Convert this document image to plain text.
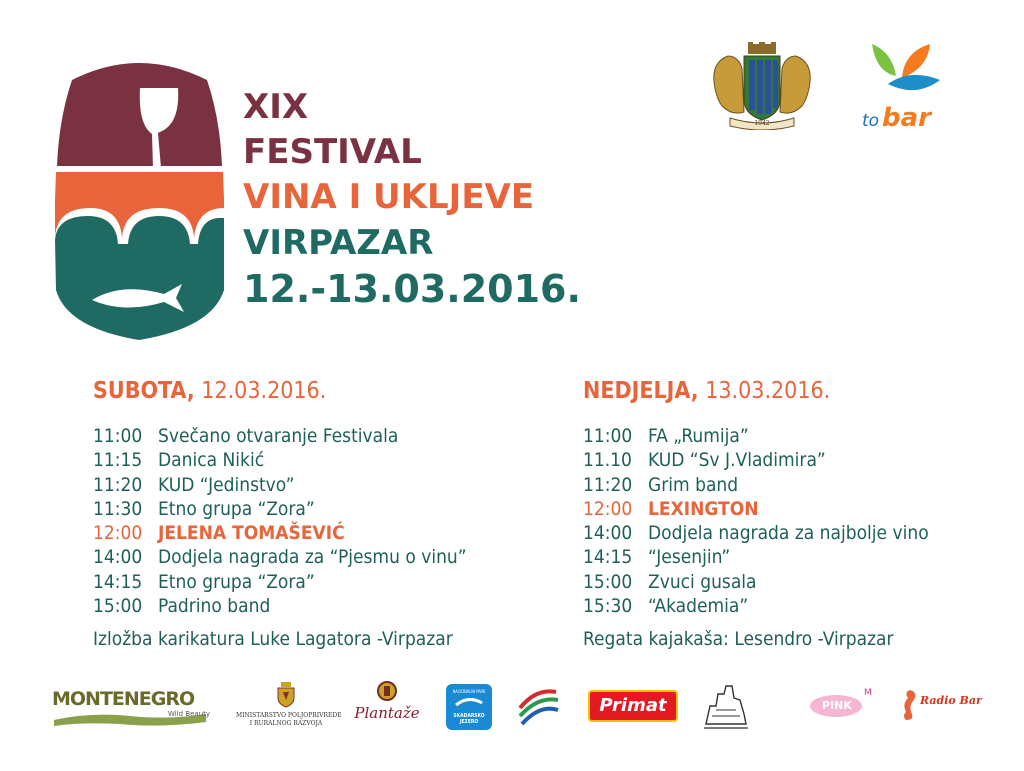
XIX
FESTIVAL
VINA I UKLJEVE
VIRPAZAR
12.-13.03.2016.
1042	to bar
SUBOTA, 12.03.2016.
11:00 Svečano otvaranje Festivala
11:15 Danica Nikić
11:20 KUD “Jedinstvo”
11:30 Etno grupa “Zora”
12:00 JELENA TOMAŠEVIĆ
14:00 Dodjela nagrada za “Pjesmu o vinu”
14:15 Etno grupa “Zora”
15:00 Padrino band
Izložba karikatura Luke Lagatora -Virpazar
NEDJELJA, 13.03.2016.
11:00 FA „Rumija”
11.10 KUD “Sv J.Vladimira”
11:20 Grim band
12:00 LEXINGTON
14:00 Dodjela nagrada za najbolje vino
14:15 “Jesenjin”
15:00 Zvuci gusala
15:30 “Akademia”
Regata kajakaša: Lesendro -Virpazar
MONTENEGRO
Wild Beauty	MINISTARSTVO POLJOPRIVREDE
I RURALNOG RAZVOJA
Plantaže
NACIONALNI PARK
SKADARSKO JEZERO
Primat	PINK
M
Radio Bar
